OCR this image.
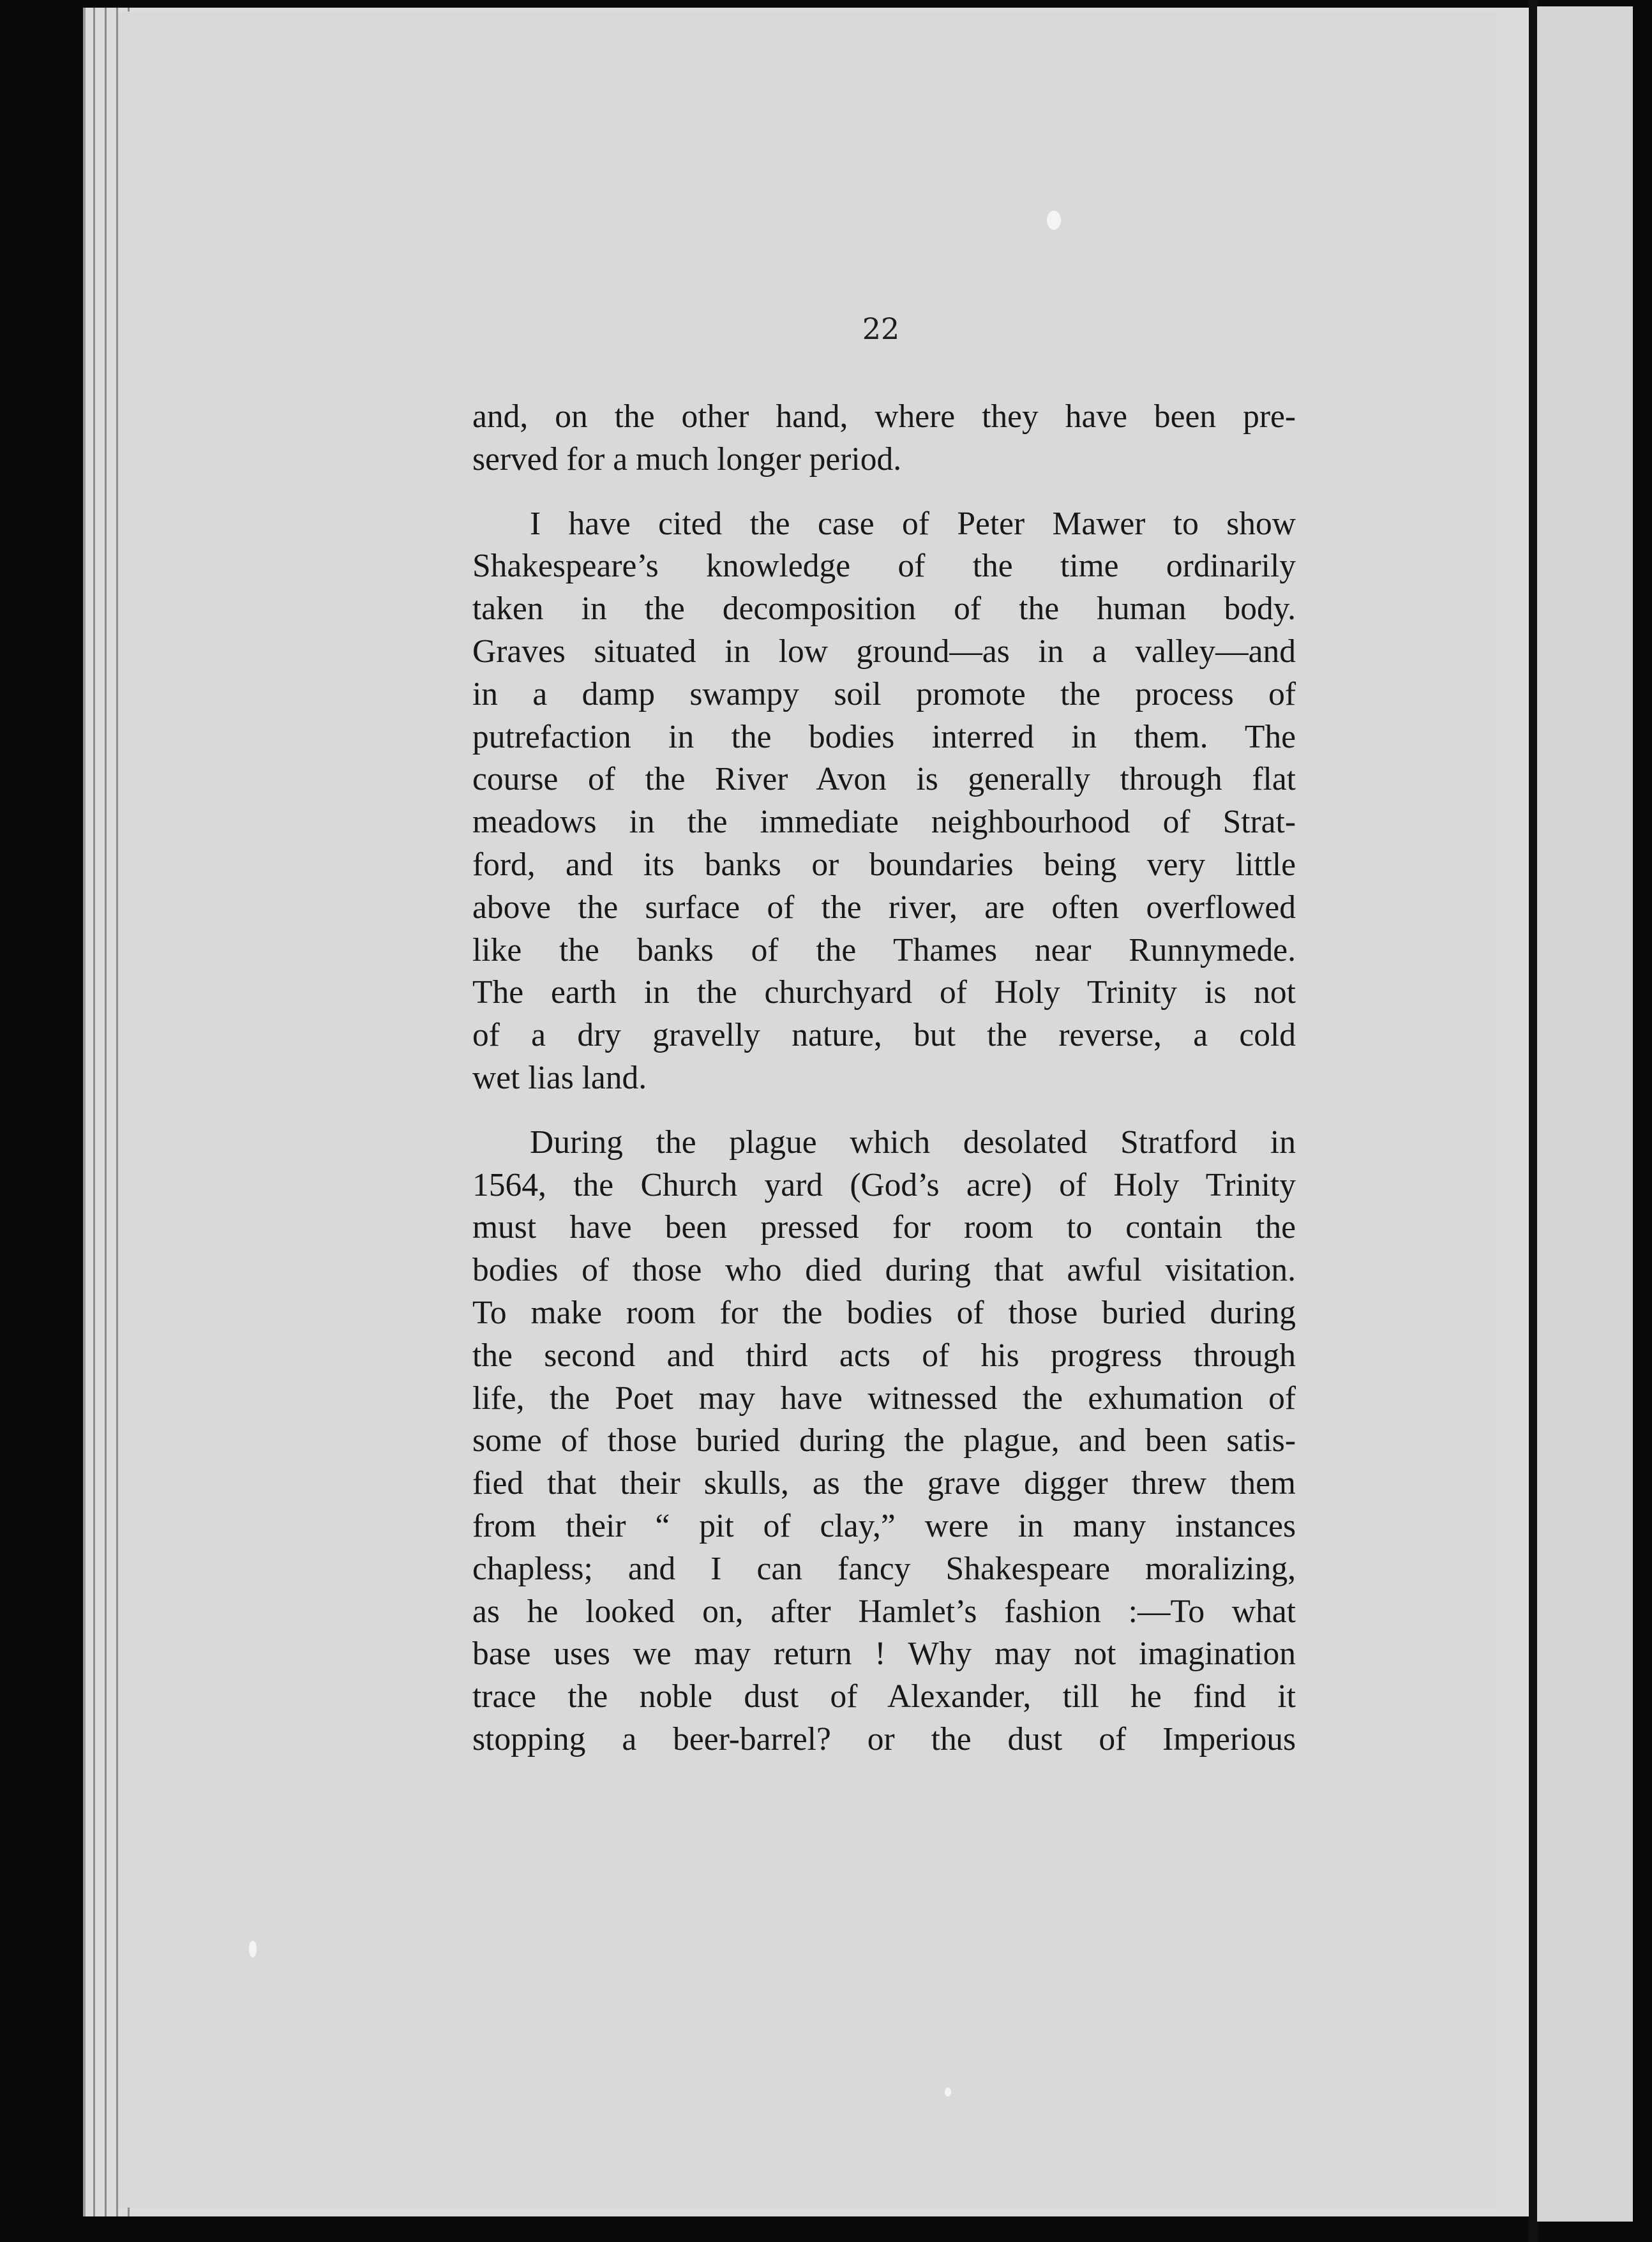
22

and, on the other hand, where they have been pre-
served for a much longer period.

I have cited the case of Peter Mawer to show
Shakespeare’s knowledge of the time ordinarily
taken in the decomposition of the human body.
Graves situated in low ground—as in a valley—and
in a damp swampy soil promote the process of
putrefaction in the bodies interred in them. The
course of the River Avon is generally through flat
meadows in the immediate neighbourhood of Strat-
ford, and its banks or boundaries being very little
above the surface of the river, are often overflowed
like the banks of the Thames near Runnymede.
The earth in the churchyard of Holy Trinity is not
of a dry gravelly nature, but the reverse, a cold
wet lias land.

During the plague which desolated Stratford in
1564, the Church yard (God’s acre) of Holy Trinity
must have been pressed for room to contain the
bodies of those who died during that awful visitation.
To make room for the bodies of those buried during
the second and third acts of his progress through
life, the Poet may have witnessed the exhumation of
some of those buried during the plague, and been satis-
fied that their skulls, as the grave digger threw them
from their “ pit of clay,” were in many instances
chapless; and I can fancy Shakespeare moralizing,
as he looked on, after Hamlet’s fashion :—To what
base uses we may return ! Why may not imagination
trace the noble dust of Alexander, till he find it
stopping a beer-barrel? or the dust of Imperious
